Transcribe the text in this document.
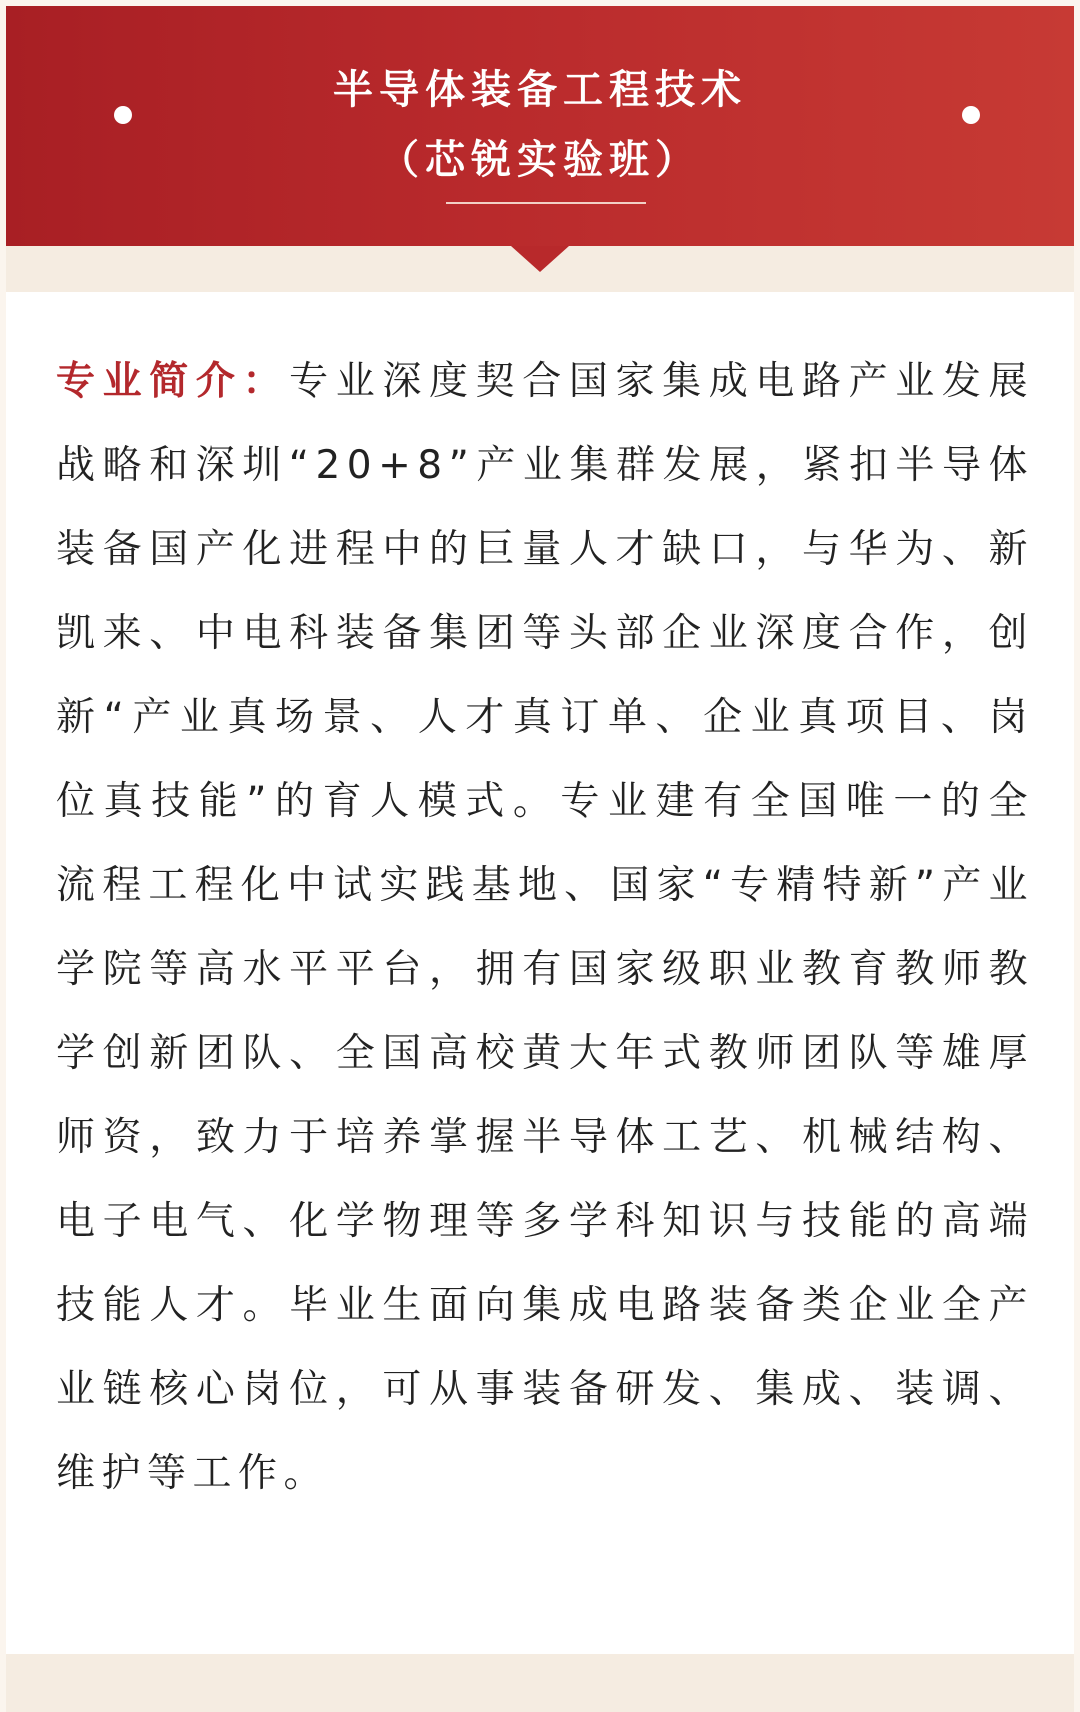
半导体装备工程技术
（芯锐实验班）
专业简介：专业深度契合国家集成电路产业发展战略和深圳“20+8”产业集群发展，紧扣半导体装备国产化进程中的巨量人才缺口，与华为、新凯来、中电科装备集团等头部企业深度合作，创新“产业真场景、人才真订单、企业真项目、岗位真技能”的育人模式。专业建有全国唯一的全流程工程化中试实践基地、国家“专精特新”产业学院等高水平平台，拥有国家级职业教育教师教学创新团队、全国高校黄大年式教师团队等雄厚师资，致力于培养掌握半导体工艺、机械结构、电子电气、化学物理等多学科知识与技能的高端技能人才。毕业生面向集成电路装备类企业全产业链核心岗位，可从事装备研发、集成、装调、维护等工作。
